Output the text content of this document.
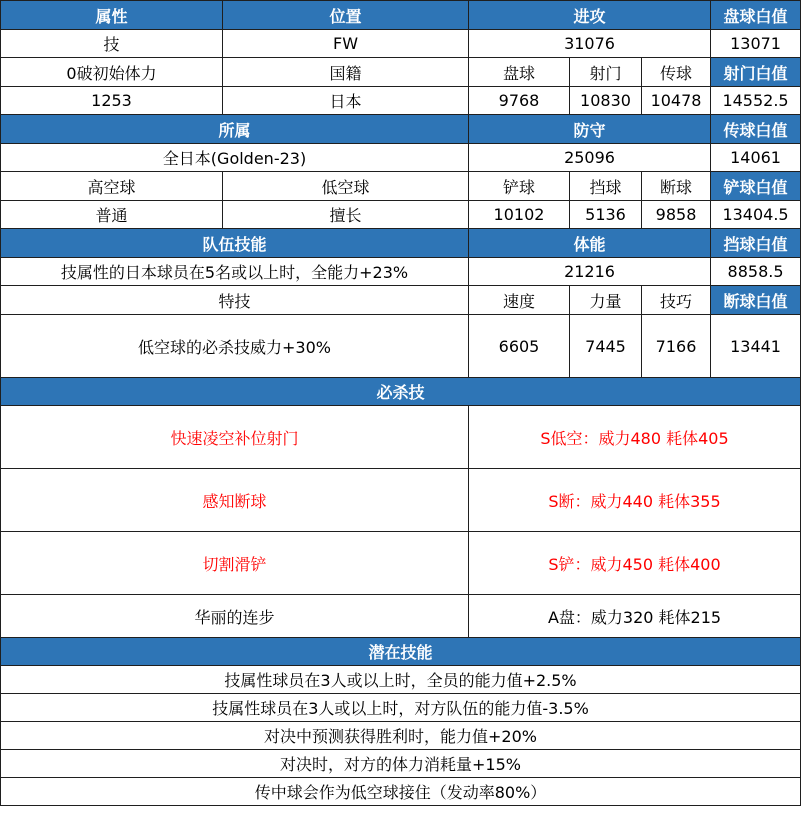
属性	位置	进攻			盘球白值
技	FW	31076			13071
0破初始体力	国籍	盘球	射门	传球	射门白值
1253	日本	9768	10830	10478	14552.5
所属		防守			传球白值
全日本(Golden-23)		25096			14061
高空球	低空球	铲球	挡球	断球	铲球白值
普通	擅长	10102	5136	9858	13404.5
队伍技能		体能			挡球白值
技属性的日本球员在5名或以上时，全能力+23%		21216			8858.5
特技		速度	力量	技巧	断球白值
低空球的必杀技威力+30%		6605	7445	7166	13441
必杀技					
快速凌空补位射门		S低空：威力480 耗体405			
感知断球		S断：威力440 耗体355			
切割滑铲		S铲：威力450 耗体400			
华丽的连步		A盘：威力320 耗体215			
潜在技能					
技属性球员在3人或以上时，全员的能力值+2.5%					
技属性球员在3人或以上时，对方队伍的能力值-3.5%					
对决中预测获得胜利时，能力值+20%					
对决时，对方的体力消耗量+15%					
传中球会作为低空球接住（发动率80%）					
